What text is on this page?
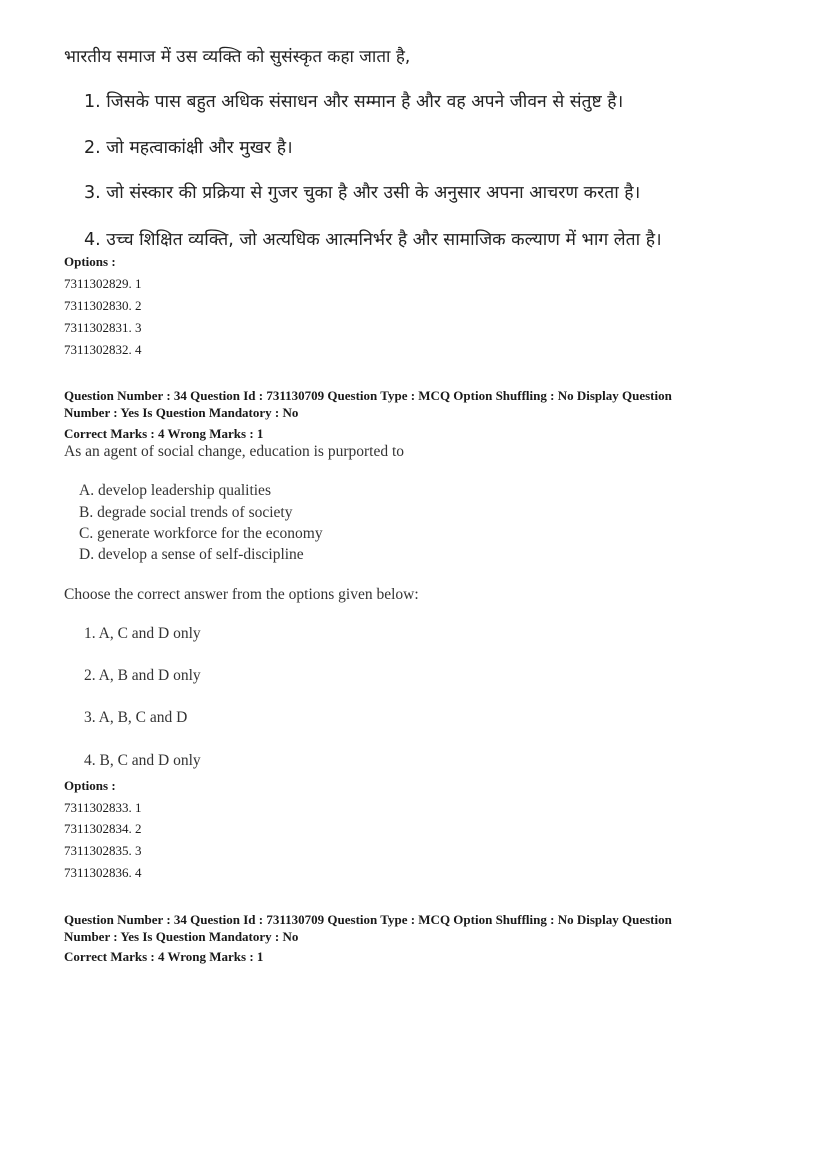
भारतीय समाज में उस व्यक्ति को सुसंस्कृत कहा जाता है,
1. जिसके पास बहुत अधिक संसाधन और सम्मान है और वह अपने जीवन से संतुष्ट है।
2. जो महत्वाकांक्षी और मुखर है।
3. जो संस्कार की प्रक्रिया से गुजर चुका है और उसी के अनुसार अपना आचरण करता है।
4. उच्च शिक्षित व्यक्ति, जो अत्यधिक आत्मनिर्भर है और सामाजिक कल्याण में भाग लेता है।
Options :
7311302829. 1
7311302830. 2
7311302831. 3
7311302832. 4
Question Number : 34 Question Id : 731130709 Question Type : MCQ Option Shuffling : No Display Question
Number : Yes Is Question Mandatory : No
Correct Marks : 4 Wrong Marks : 1
As an agent of social change, education is purported to
A. develop leadership qualities
B. degrade social trends of society
C. generate workforce for the economy
D. develop a sense of self-discipline
Choose the correct answer from the options given below:
1. A, C and D only
2. A, B and D only
3. A, B, C and D
4. B, C and D only
Options :
7311302833. 1
7311302834. 2
7311302835. 3
7311302836. 4
Question Number : 34 Question Id : 731130709 Question Type : MCQ Option Shuffling : No Display Question
Number : Yes Is Question Mandatory : No
Correct Marks : 4 Wrong Marks : 1
